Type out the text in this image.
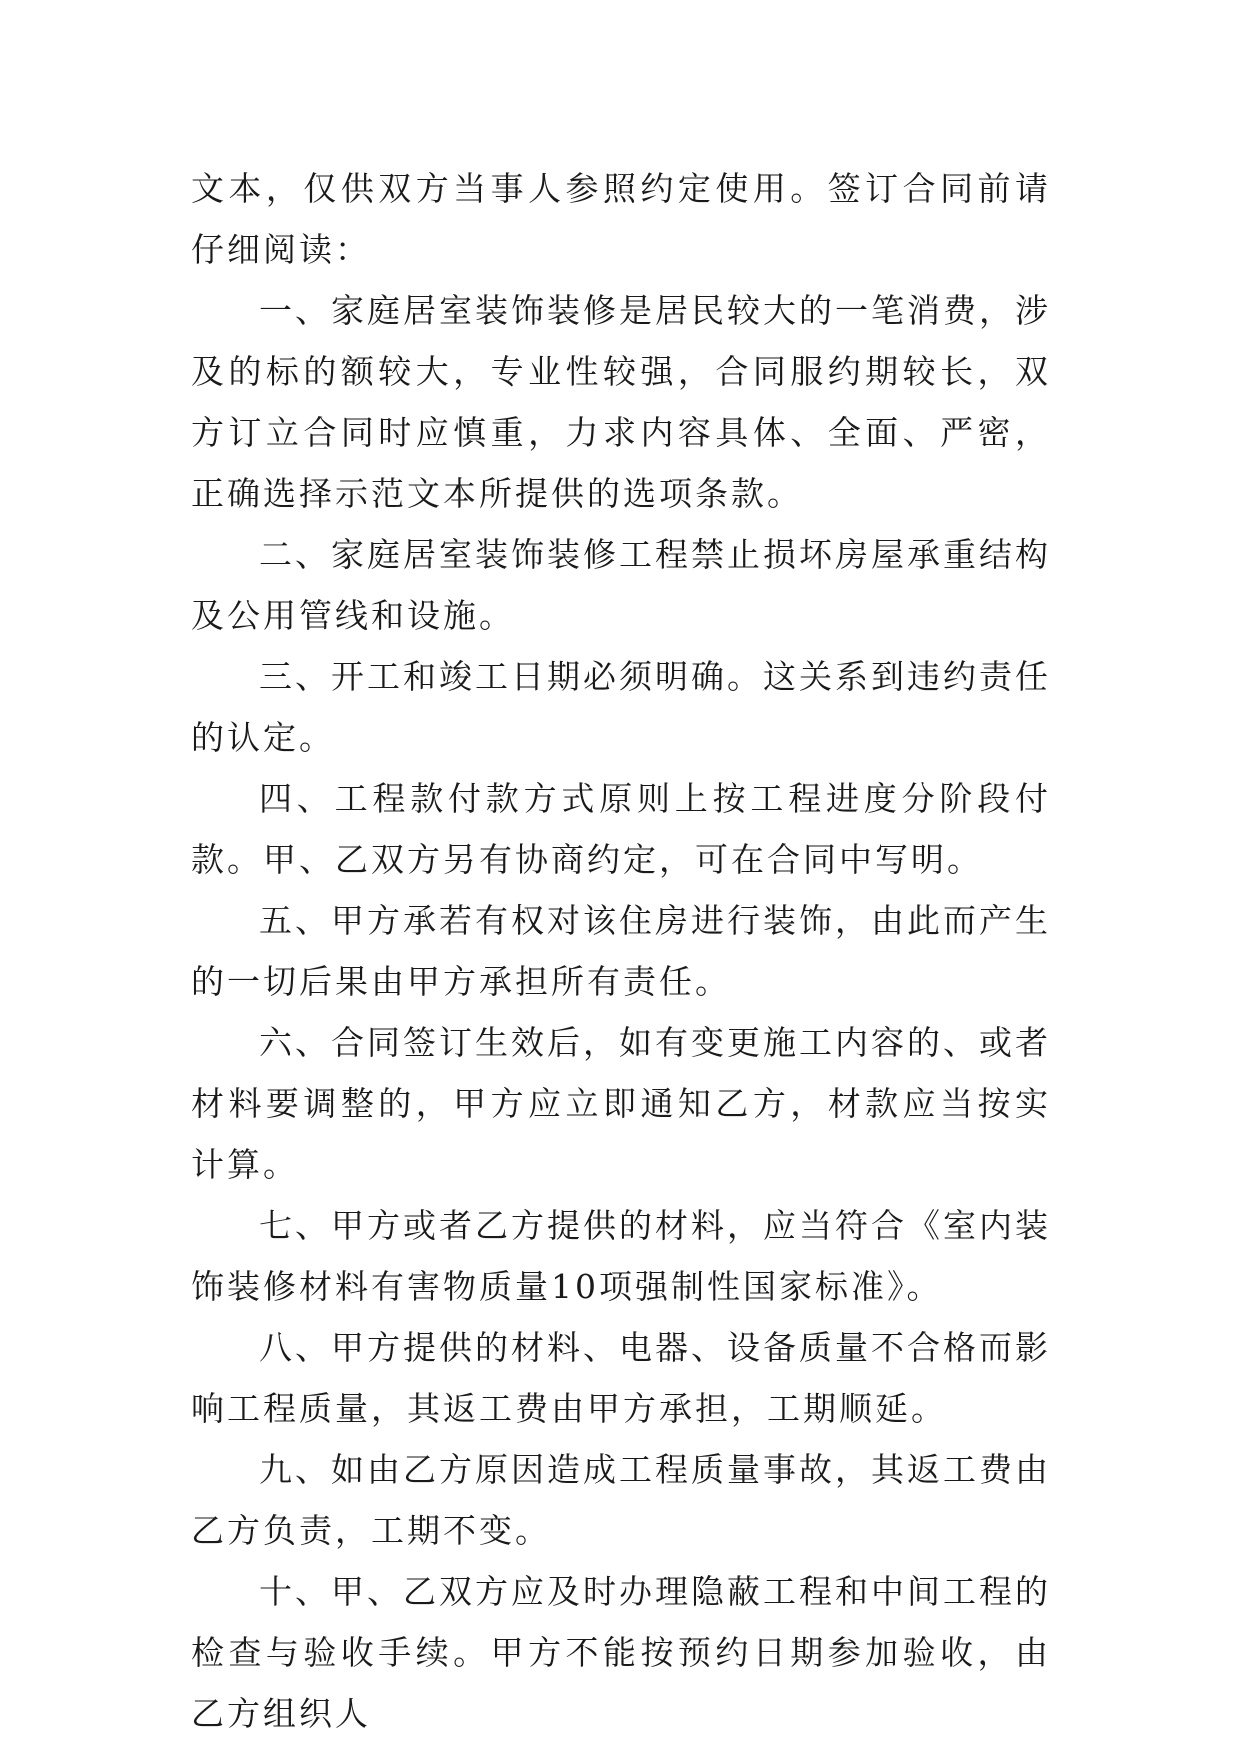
文本，仅供双方当事人参照约定使用。签订合同前请仔细阅读：

一、家庭居室装饰装修是居民较大的一笔消费，涉及的标的额较大，专业性较强，合同服约期较长，双方订立合同时应慎重，力求内容具体、全面、严密，正确选择示范文本所提供的选项条款。

二、家庭居室装饰装修工程禁止损坏房屋承重结构及公用管线和设施。

三、开工和竣工日期必须明确。这关系到违约责任的认定。

四、工程款付款方式原则上按工程进度分阶段付款。甲、乙双方另有协商约定，可在合同中写明。

五、甲方承若有权对该住房进行装饰，由此而产生的一切后果由甲方承担所有责任。

六、合同签订生效后，如有变更施工内容的、或者材料要调整的，甲方应立即通知乙方，材款应当按实计算。

七、甲方或者乙方提供的材料，应当符合《室内装饰装修材料有害物质量10项强制性国家标准》。

八、甲方提供的材料、电器、设备质量不合格而影响工程质量，其返工费由甲方承担，工期顺延。

九、如由乙方原因造成工程质量事故，其返工费由乙方负责，工期不变。

十、甲、乙双方应及时办理隐蔽工程和中间工程的检查与验收手续。甲方不能按预约日期参加验收，由乙方组织人
